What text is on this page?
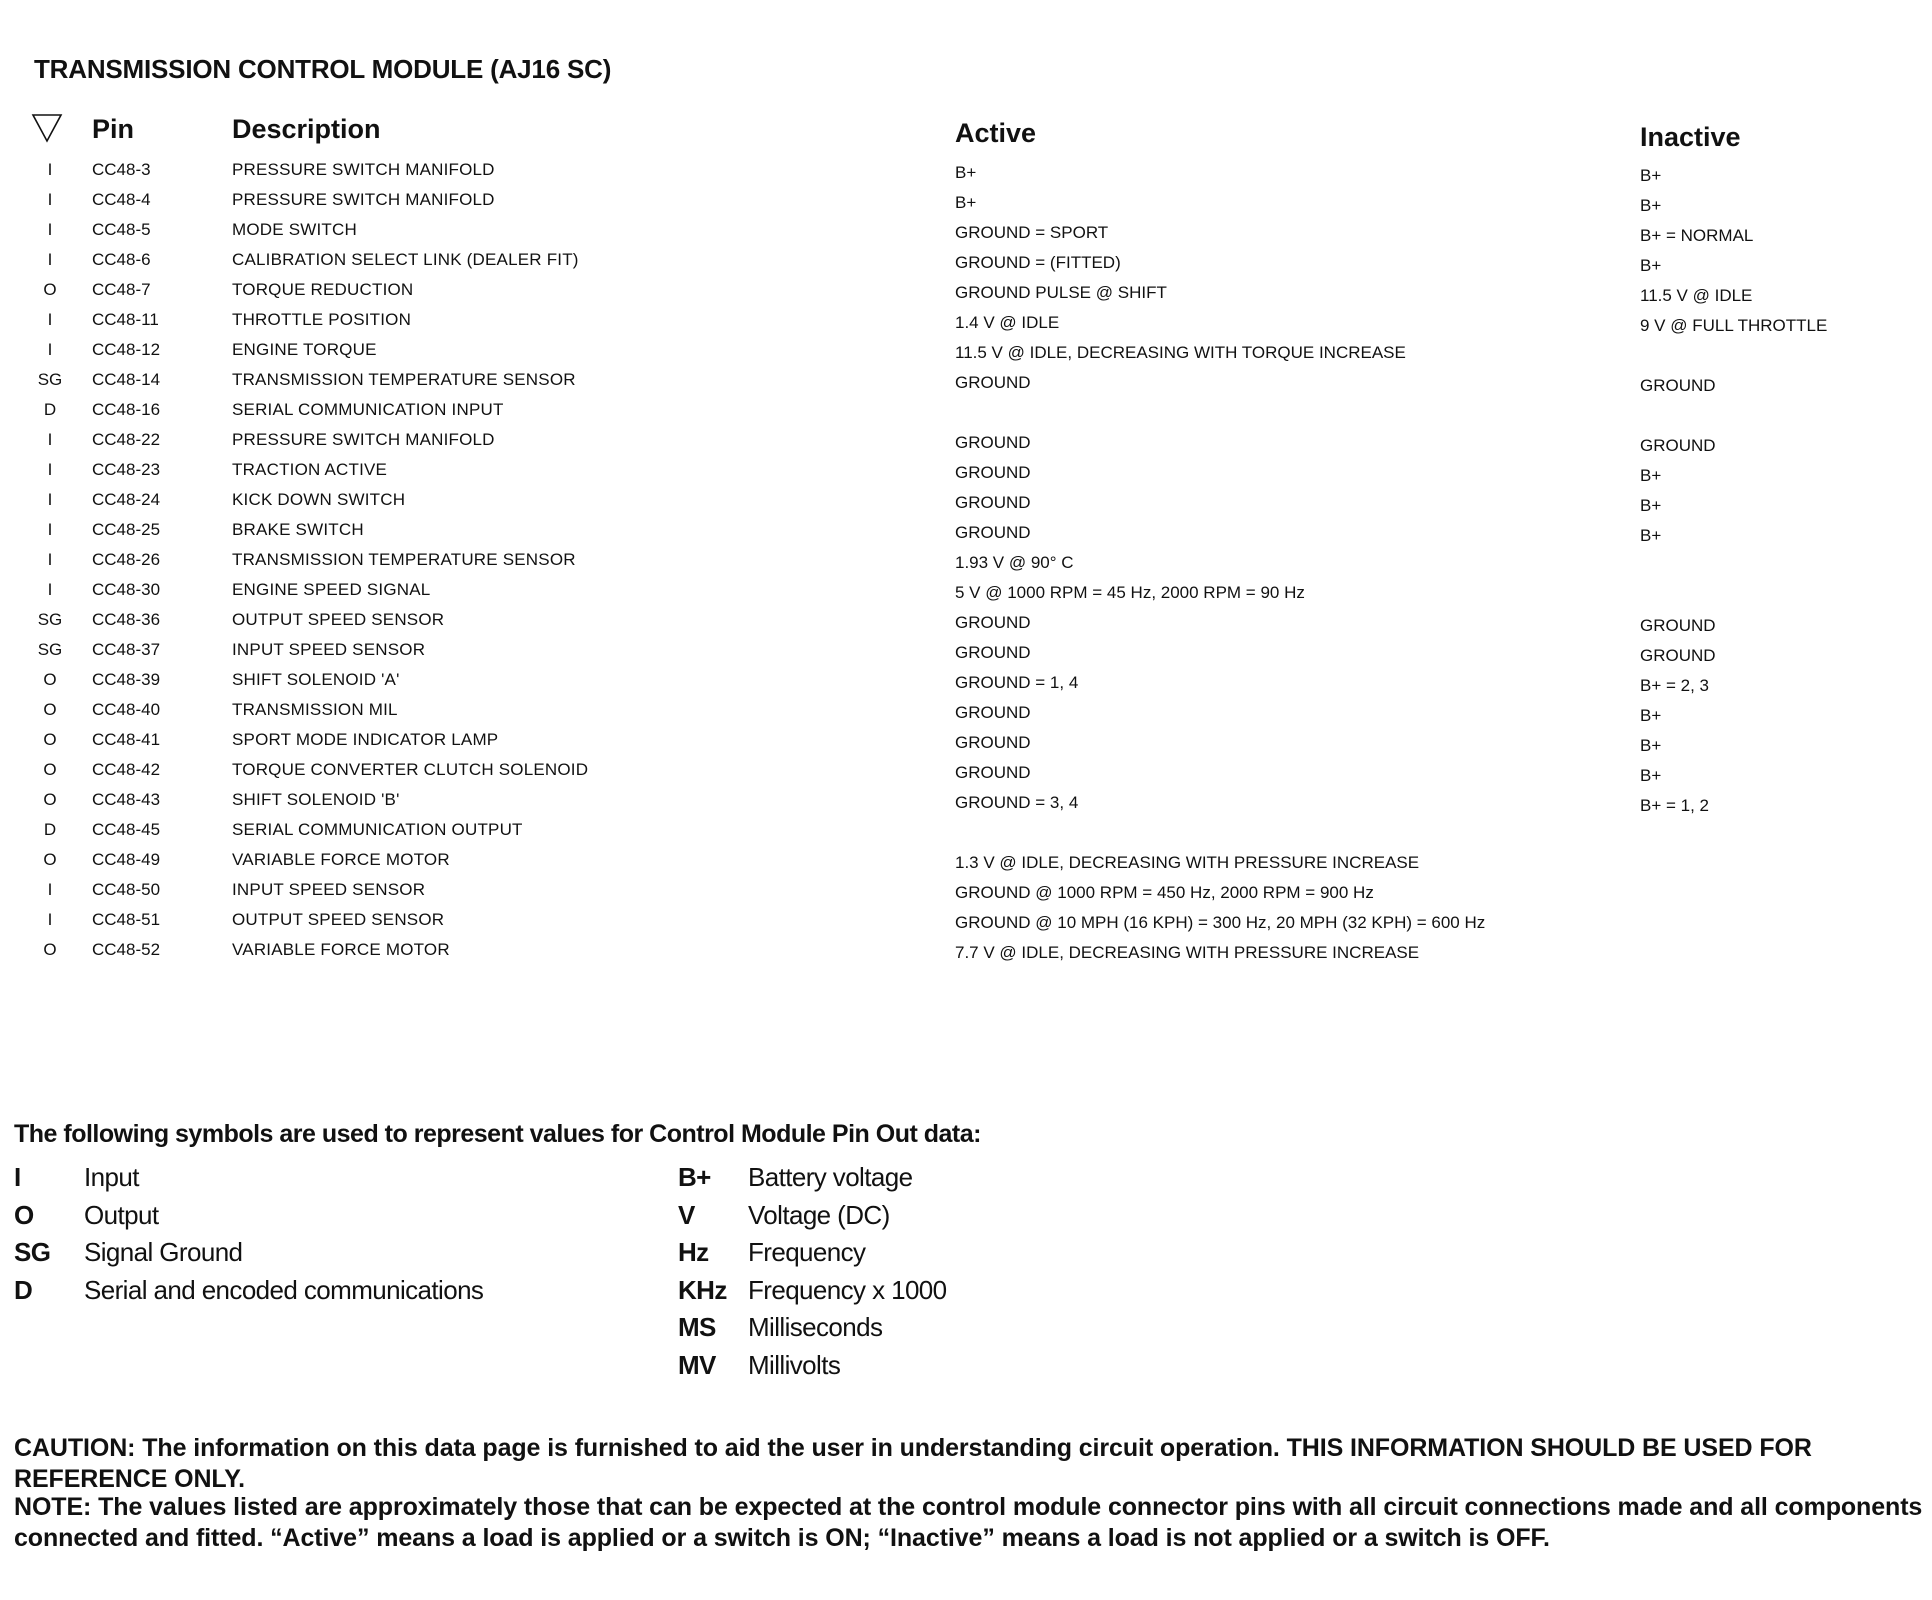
TRANSMISSION CONTROL MODULE (AJ16 SC)
Pin	Description	Active	Inactive
I	CC48-3	PRESSURE SWITCH MANIFOLD	B+	B+
I	CC48-4	PRESSURE SWITCH MANIFOLD	B+	B+
I	CC48-5	MODE SWITCH	GROUND = SPORT	B+ = NORMAL
I	CC48-6	CALIBRATION SELECT LINK (DEALER FIT)	GROUND = (FITTED)	B+
O	CC48-7	TORQUE REDUCTION	GROUND PULSE @ SHIFT	11.5 V @ IDLE
I	CC48-11	THROTTLE POSITION	1.4 V @ IDLE	9 V @ FULL THROTTLE
I	CC48-12	ENGINE TORQUE	11.5 V @ IDLE, DECREASING WITH TORQUE INCREASE
SG	CC48-14	TRANSMISSION TEMPERATURE SENSOR	GROUND	GROUND
D	CC48-16	SERIAL COMMUNICATION INPUT
I	CC48-22	PRESSURE SWITCH MANIFOLD	GROUND	GROUND
I	CC48-23	TRACTION ACTIVE	GROUND	B+
I	CC48-24	KICK DOWN SWITCH	GROUND	B+
I	CC48-25	BRAKE SWITCH	GROUND	B+
I	CC48-26	TRANSMISSION TEMPERATURE SENSOR	1.93 V @ 90° C
I	CC48-30	ENGINE SPEED SIGNAL	5 V @ 1000 RPM = 45 Hz, 2000 RPM = 90 Hz
SG	CC48-36	OUTPUT SPEED SENSOR	GROUND	GROUND
SG	CC48-37	INPUT SPEED SENSOR	GROUND	GROUND
O	CC48-39	SHIFT SOLENOID 'A'	GROUND = 1, 4	B+ = 2, 3
O	CC48-40	TRANSMISSION MIL	GROUND	B+
O	CC48-41	SPORT MODE INDICATOR LAMP	GROUND	B+
O	CC48-42	TORQUE CONVERTER CLUTCH SOLENOID	GROUND	B+
O	CC48-43	SHIFT SOLENOID 'B'	GROUND = 3, 4	B+ = 1, 2
D	CC48-45	SERIAL COMMUNICATION OUTPUT
O	CC48-49	VARIABLE FORCE MOTOR	1.3 V @ IDLE, DECREASING WITH PRESSURE INCREASE
I	CC48-50	INPUT SPEED SENSOR	GROUND @ 1000 RPM = 450 Hz, 2000 RPM = 900 Hz
I	CC48-51	OUTPUT SPEED SENSOR	GROUND @ 10 MPH (16 KPH) = 300 Hz, 20 MPH (32 KPH) = 600 Hz
O	CC48-52	VARIABLE FORCE MOTOR	7.7 V @ IDLE, DECREASING WITH PRESSURE INCREASE
The following symbols are used to represent values for Control Module Pin Out data:
I Input
O Output
SG Signal Ground
D Serial and encoded communications
B+ Battery voltage
V Voltage (DC)
Hz Frequency
KHz Frequency x 1000
MS Milliseconds
MV Millivolts
CAUTION: The information on this data page is furnished to aid the user in understanding circuit operation. THIS INFORMATION SHOULD BE USED FOR REFERENCE ONLY.
NOTE: The values listed are approximately those that can be expected at the control module connector pins with all circuit connections made and all components connected and fitted. “Active” means a load is applied or a switch is ON; “Inactive” means a load is not applied or a switch is OFF.
